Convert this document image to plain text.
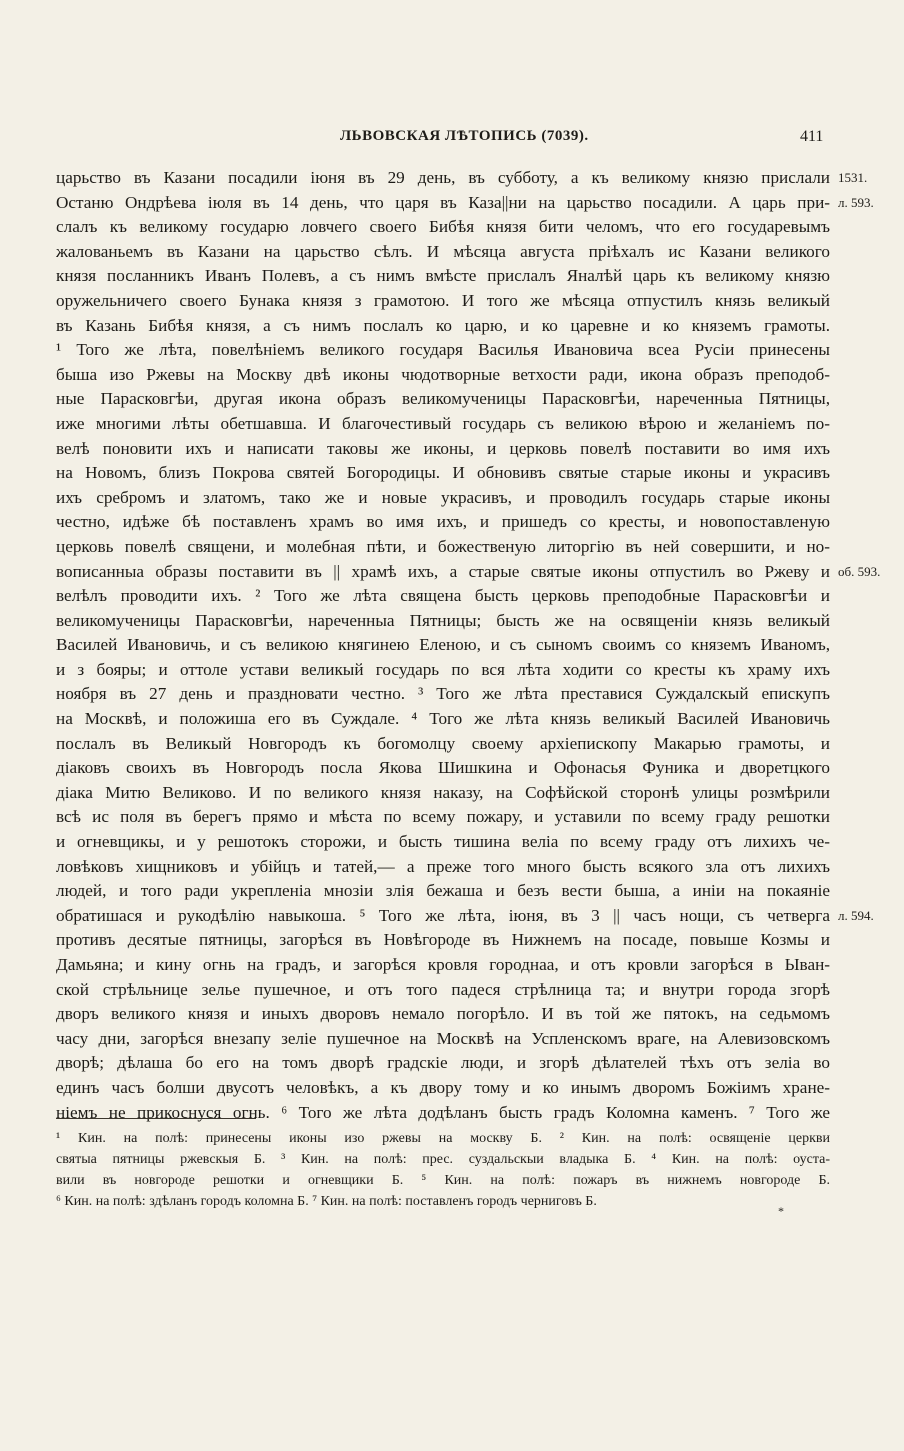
ЛЬВОВСКАЯ ЛѢТОПИСЬ (7039).	411
царьство въ Казани посадили іюня въ 29 день, въ субботу, а къ великому князю прислали
Останю Ондрѣева іюля въ 14 день, что царя въ Каза||ни на царьство посадили. А царь при-
слалъ къ великому государю ловчего своего Бибѣя князя бити челомъ, что его государевымъ
жалованьемъ въ Казани на царьство сѣлъ. И мѣсяца августа пріѣхалъ ис Казани великого
князя посланникъ Иванъ Полевъ, а съ нимъ вмѣсте прислалъ Яналѣй царь къ великому князю
оружельничего своего Бунака князя з грамотою. И того же мѣсяца отпустилъ князь великый
въ Казань Бибѣя князя, а съ нимъ послалъ ко царю, и ко царевне и ко княземъ грамоты.
¹ Того же лѣта, повелѣніемъ великого государя Василья Ивановича всеа Русіи принесены
быша изо Ржевы на Москву двѣ иконы чюдотворные ветхости ради, икона образъ преподоб-
ные Парасковгѣи, другая икона образъ великомученицы Парасковгѣи, нареченныа Пятницы,
иже многими лѣты обетшавша. И благочестивый государь съ великою вѣрою и желаніемъ по-
велѣ поновити ихъ и написати таковы же иконы, и церковь повелѣ поставити во имя ихъ
на Новомъ, близъ Покрова святей Богородицы. И обновивъ святые старые иконы и украсивъ
ихъ сребромъ и златомъ, тако же и новые украсивъ, и проводилъ государь старые иконы
честно, идѣже бѣ поставленъ храмъ во имя ихъ, и пришедъ со кресты, и новопоставленую
церковь повелѣ священи, и молебная пѣти, и божественую литоргію въ ней совершити, и но-
вописанныа образы поставити въ || храмѣ ихъ, а старые святые иконы отпустилъ во Ржеву и
велѣлъ проводити ихъ. ² Того же лѣта священа бысть церковь преподобные Парасковгѣи и
великомученицы Парасковгѣи, нареченныа Пятницы; бысть же на освященіи князь великый
Василей Ивановичь, и съ великою княгинею Еленою, и съ сыномъ своимъ со княземъ Иваномъ,
и з бояры; и оттоле устави великый государь по вся лѣта ходити со кресты къ храму ихъ
ноября въ 27 день и праздновати честно. ³ Того же лѣта преставися Суждалскый епискупъ
на Москвѣ, и положиша его въ Суждале. ⁴ Того же лѣта князь великый Василей Ивановичь
послалъ въ Великый Новгородъ къ богомолцу своему архіепископу Макарью грамоты, и
діаковъ своихъ въ Новгородъ посла Якова Шишкина и Офонасья Фуника и дворетцкого
діака Митю Великово. И по великого князя наказу, на Софѣйской сторонѣ улицы розмѣрили
всѣ ис поля въ берегъ прямо и мѣста по всему пожару, и уставили по всему граду решотки
и огневщикы, и у решотокъ сторожи, и бысть тишина веліа по всему граду отъ лихихъ че-
ловѣковъ хищниковъ и убійцъ и татей,— а преже того много бысть всякого зла отъ лихихъ
людей, и того ради укрепленіа мнозіи злія бежаша и безъ вести быша, а иніи на покаяніе
обратишася и рукодѣлію навыкоша. ⁵ Того же лѣта, іюня, въ 3 || часъ нощи, съ четверга
противъ десятые пятницы, загорѣся въ Новѣгороде въ Нижнемъ на посаде, повыше Козмы и
Дамьяна; и кину огнь на градъ, и загорѣся кровля городнаа, и отъ кровли загорѣся в Ыван-
ской стрѣльнице зелье пушечное, и отъ того падеся стрѣлница та; и внутри города згорѣ
дворъ великого князя и иныхъ дворовъ немало погорѣло. И въ той же пятокъ, на седьмомъ
часу дни, загорѣся внезапу зеліе пушечное на Москвѣ на Успленскомъ враге, на Алевизовскомъ
дворѣ; дѣлаша бо его на томъ дворѣ градскіе люди, и згорѣ дѣлателей тѣхъ отъ зеліа во
единъ часъ болши двусотъ человѣкъ, а къ двору тому и ко инымъ дворомъ Божіимъ хране-
ніемъ не прикоснуся огнь. ⁶ Того же лѣта додѣланъ бысть градъ Коломна каменъ. ⁷ Того же
1531.
л. 593.
об. 593.
л. 594.
¹ Кин. на полѣ: принесены иконы изо ржевы на москву Б. ² Кин. на полѣ: освященіе церкви
святыа пятницы ржевскыя Б. ³ Кин. на полѣ: прес. суздальскыи владыка Б. ⁴ Кин. на полѣ: оуста-
вили въ новгороде решотки и огневщики Б. ⁵ Кин. на полѣ: пожаръ въ нижнемъ новгороде Б.
⁶ Кин. на полѣ: здѣланъ городъ коломна Б. ⁷ Кин. на полѣ: поставленъ городъ черниговъ Б.
*
